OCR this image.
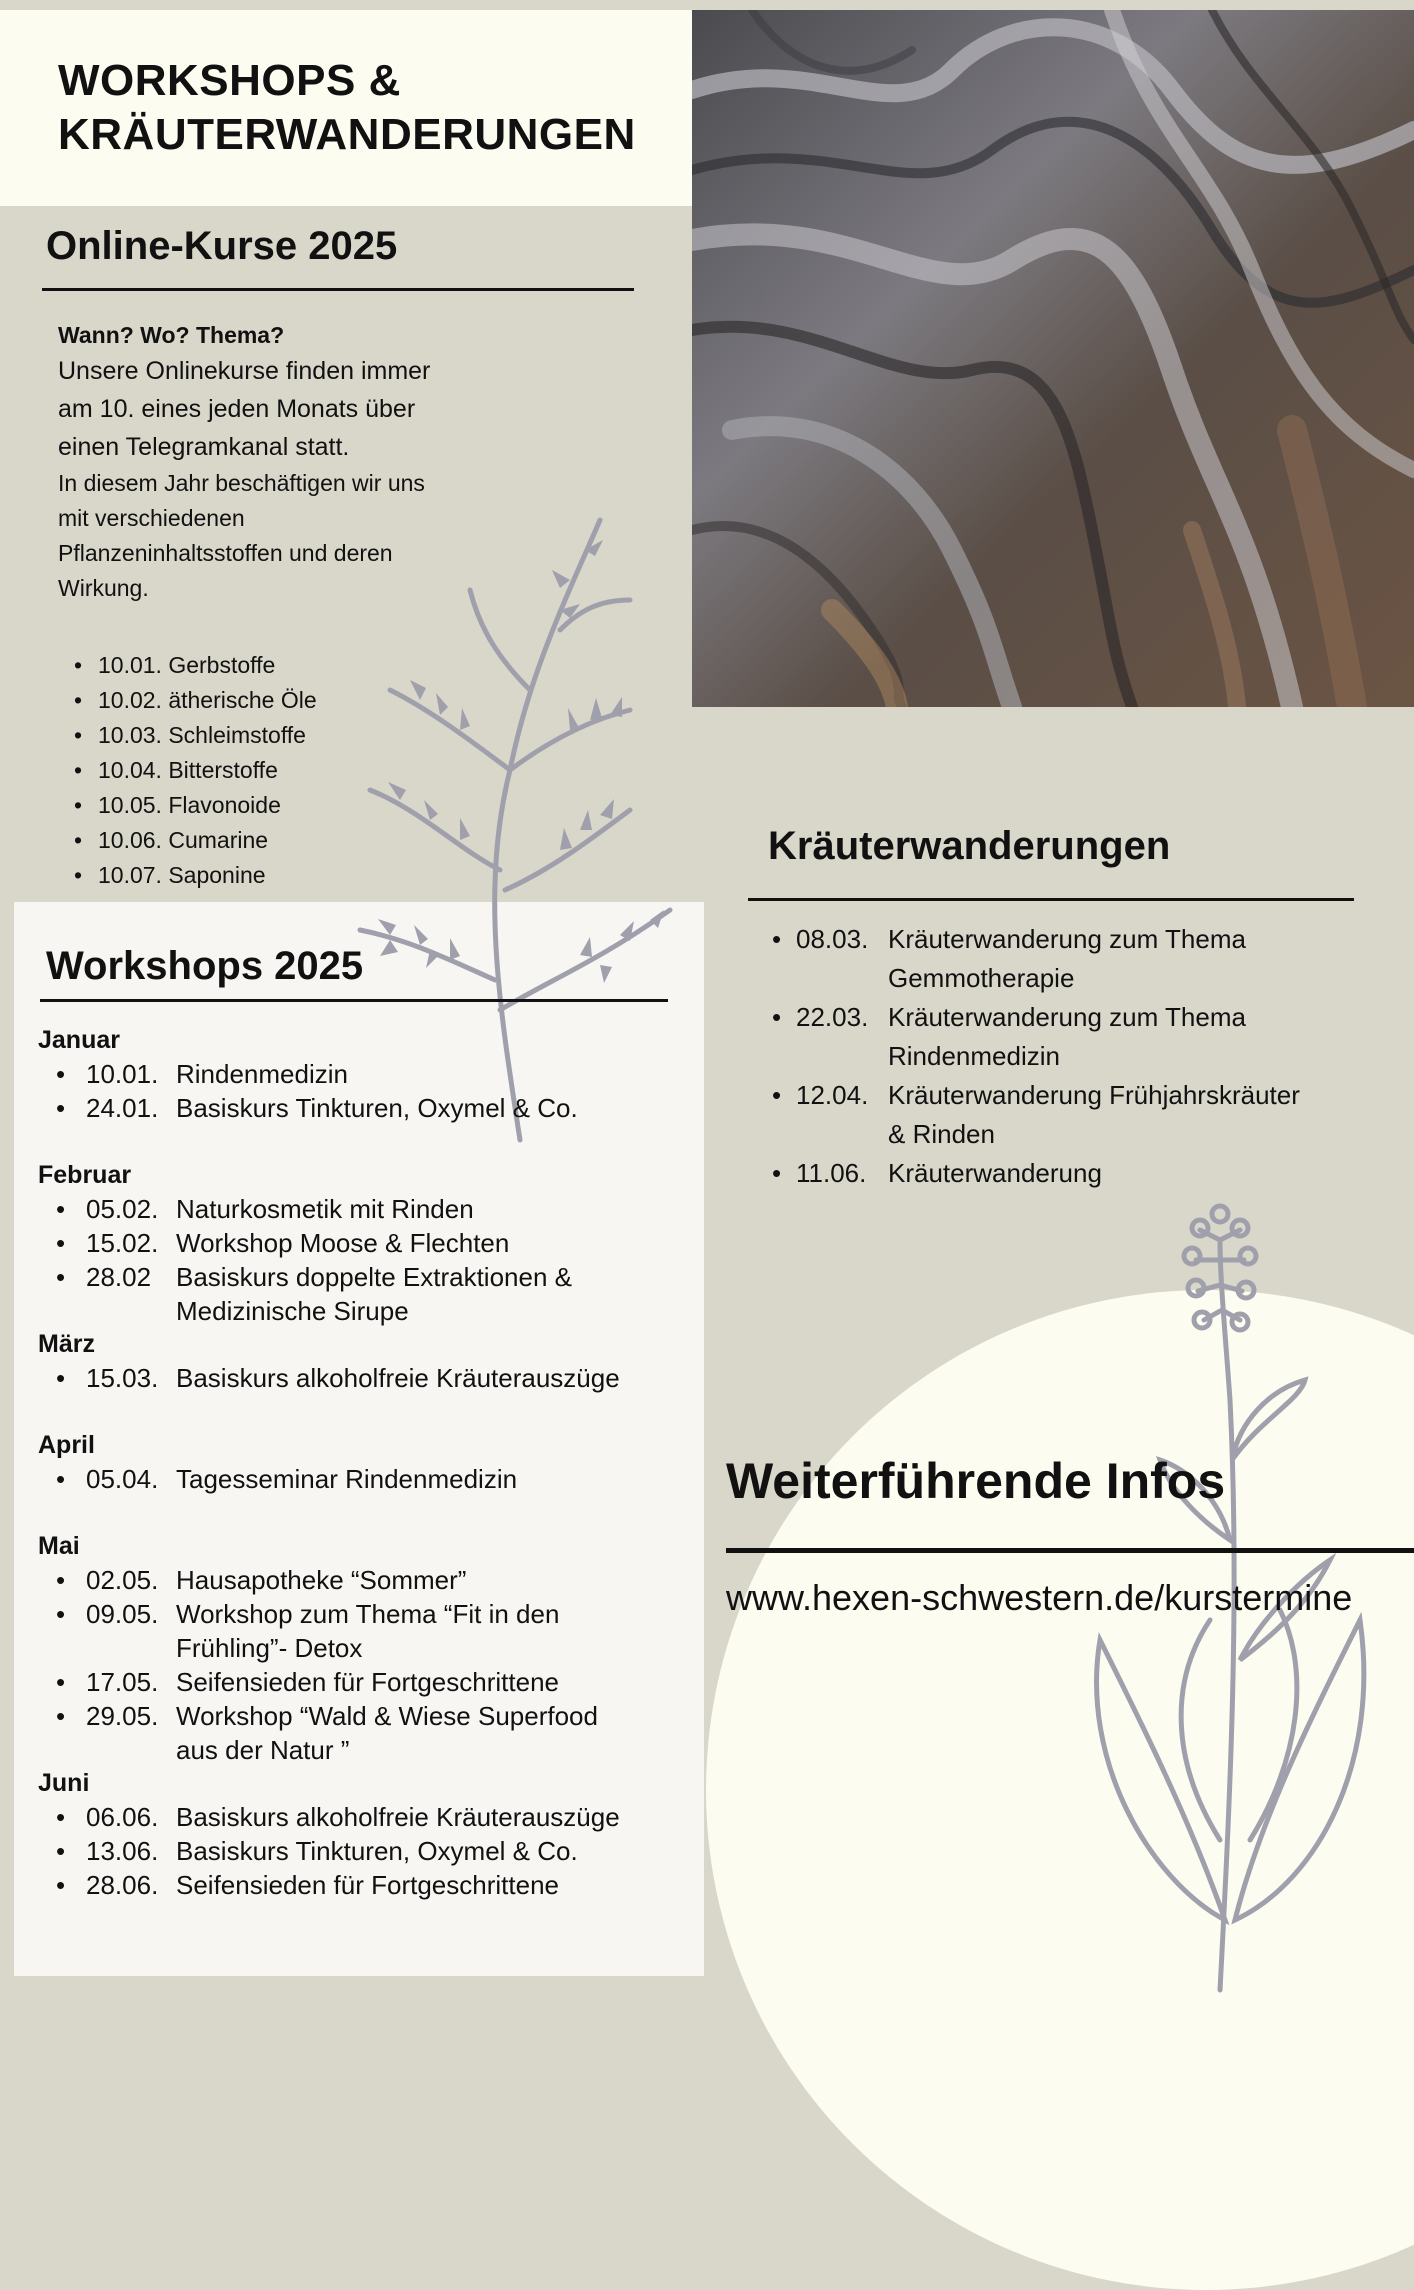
WORKSHOPS &
KRÄUTERWANDERUNGEN
Online-Kurse 2025
Wann? Wo? Thema?
Unsere Onlinekurse finden immer
am 10. eines jeden Monats über
einen Telegramkanal statt.
In diesem Jahr beschäftigen wir uns
mit verschiedenen
Pflanzeninhaltsstoffen und deren
Wirkung.
• 10.01. Gerbstoffe
• 10.02. ätherische Öle
• 10.03. Schleimstoffe
• 10.04. Bitterstoffe
• 10.05. Flavonoide
• 10.06. Cumarine
• 10.07. Saponine
Workshops 2025
Januar
• 10.01. Rindenmedizin
• 24.01. Basiskurs Tinkturen, Oxymel & Co.
Februar
• 05.02. Naturkosmetik mit Rinden
• 15.02. Workshop Moose & Flechten
• 28.02 Basiskurs doppelte Extraktionen &
Medizinische Sirupe
März
• 15.03. Basiskurs alkoholfreie Kräuterauszüge
April
• 05.04. Tagesseminar Rindenmedizin
Mai
• 02.05. Hausapotheke “Sommer”
• 09.05. Workshop zum Thema “Fit in den
Frühling”- Detox
• 17.05. Seifensieden für Fortgeschrittene
• 29.05. Workshop “Wald & Wiese Superfood
aus der Natur ”
Juni
• 06.06. Basiskurs alkoholfreie Kräuterauszüge
• 13.06. Basiskurs Tinkturen, Oxymel & Co.
• 28.06. Seifensieden für Fortgeschrittene
Kräuterwanderungen
• 08.03. Kräuterwanderung zum Thema
Gemmotherapie
• 22.03. Kräuterwanderung zum Thema
Rindenmedizin
• 12.04. Kräuterwanderung Frühjahrskräuter
& Rinden
• 11.06. Kräuterwanderung
Weiterführende Infos
www.hexen-schwestern.de/kurstermine
